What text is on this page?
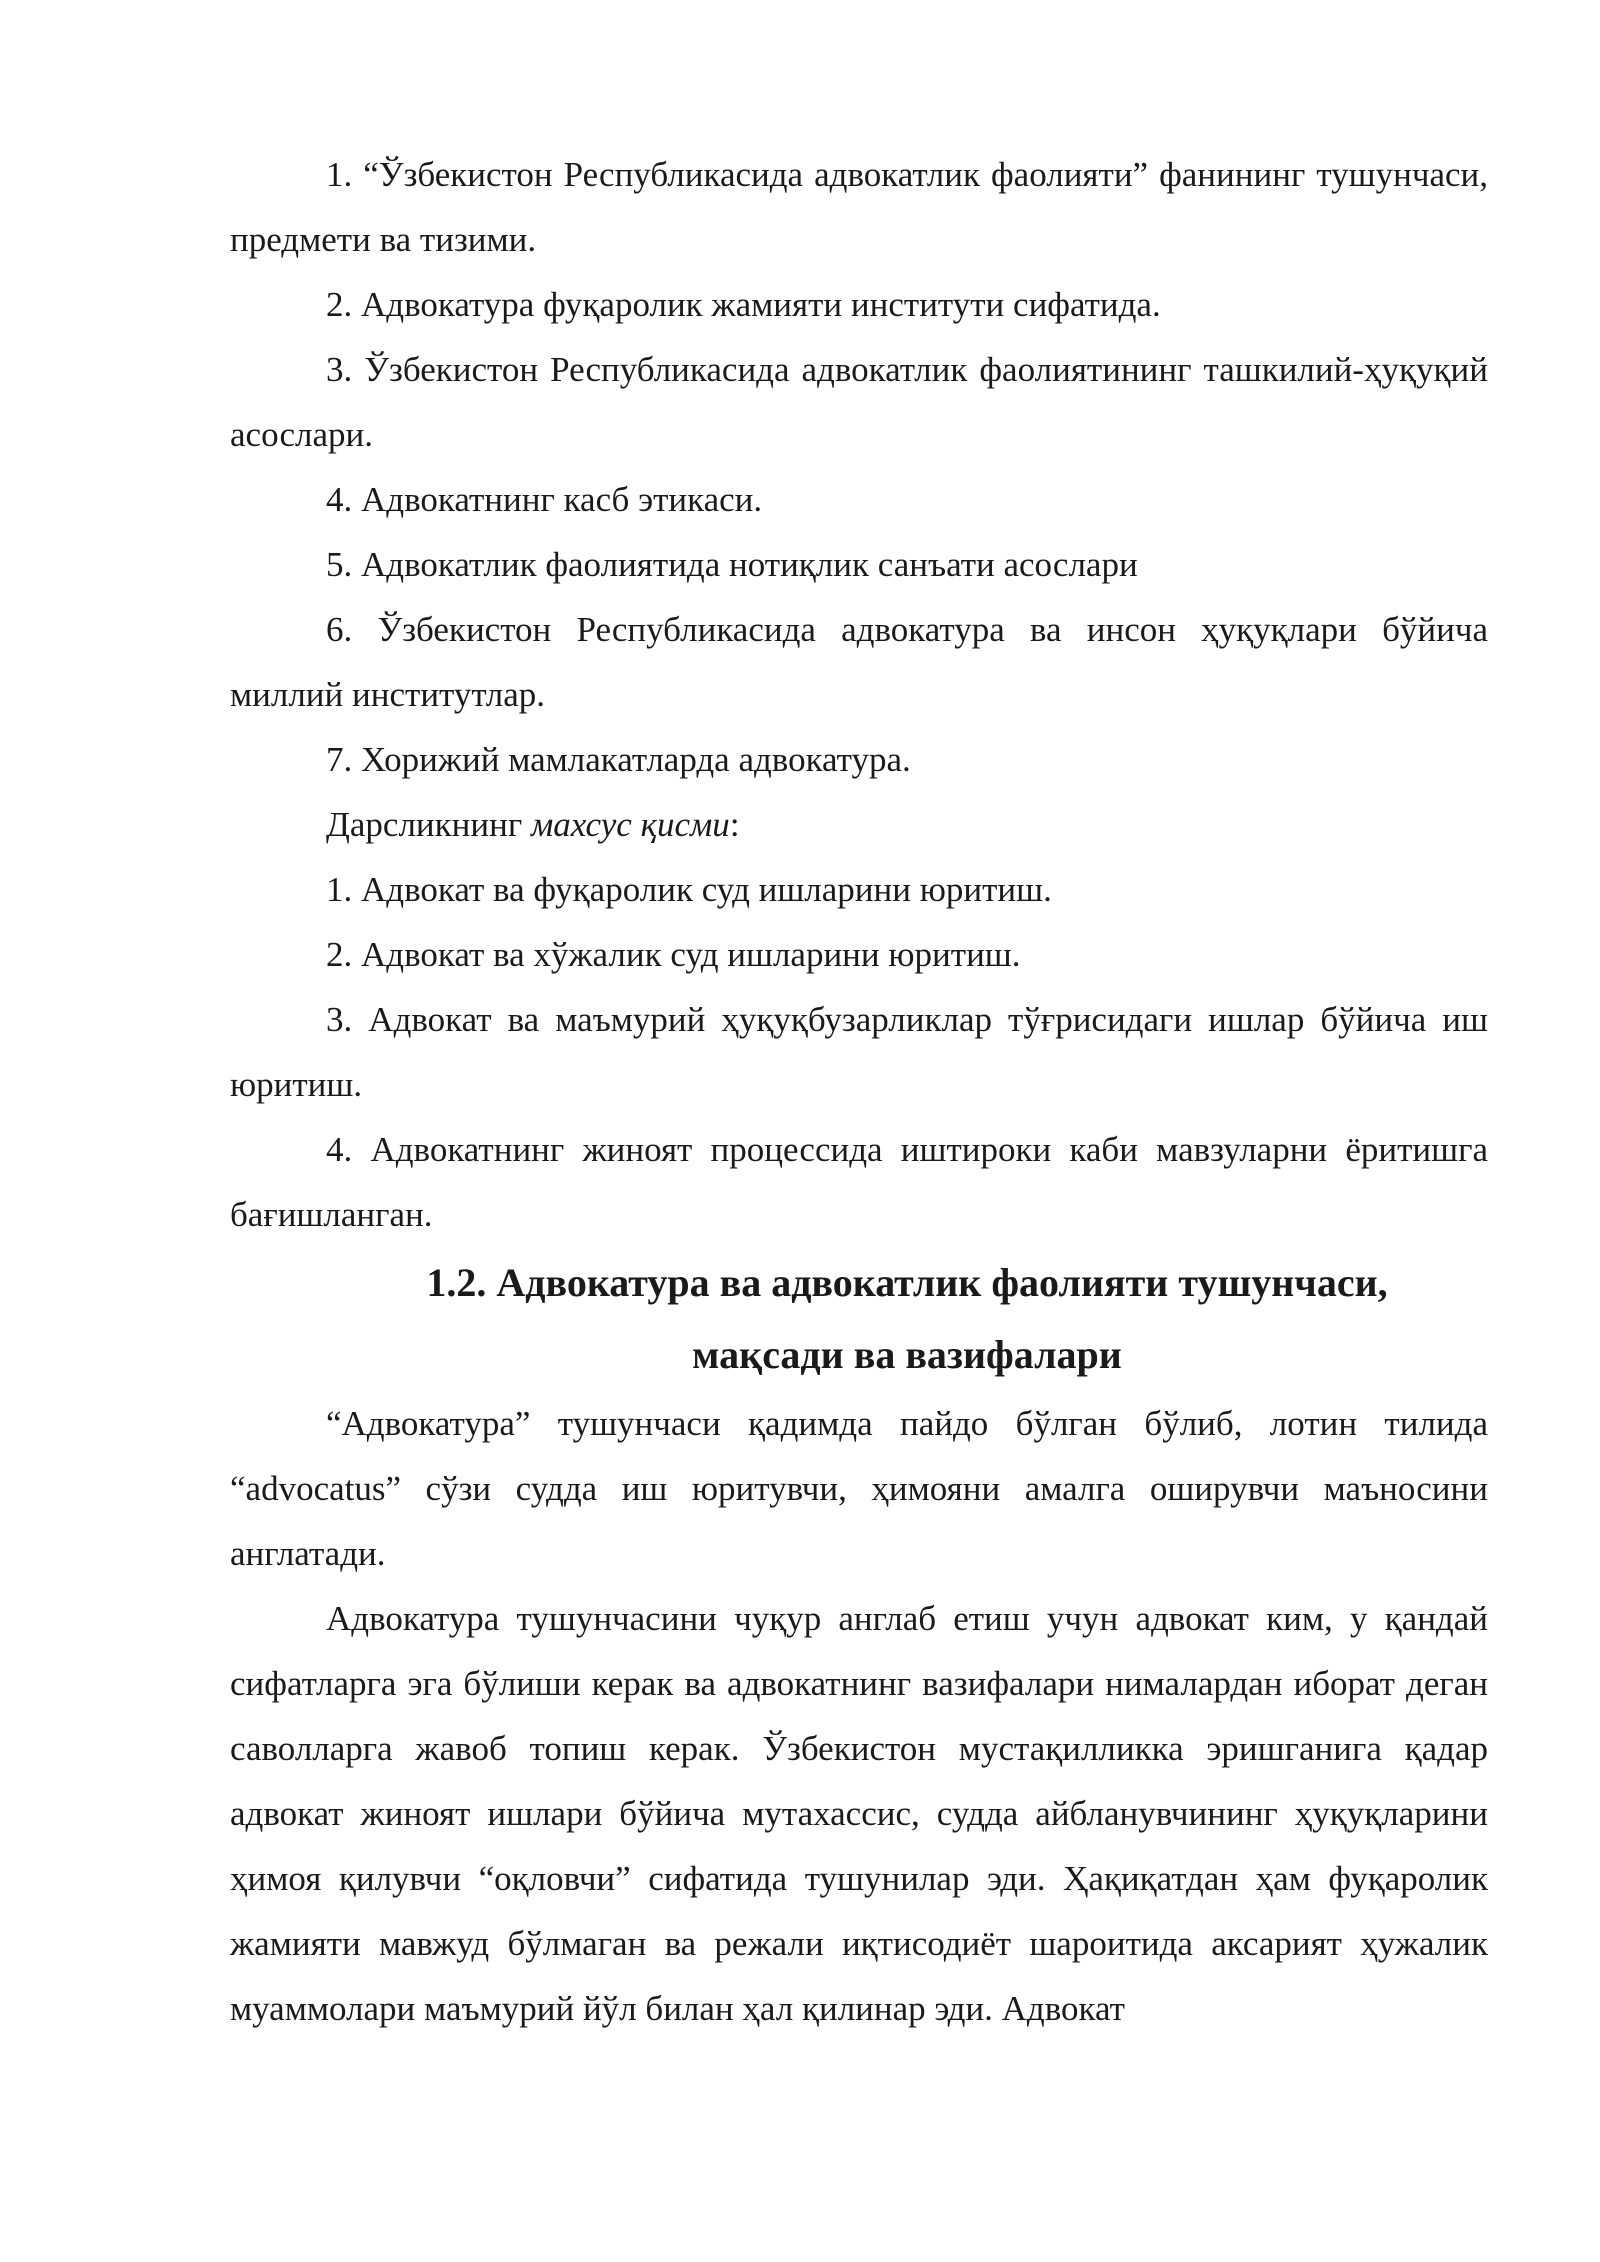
1. “Ўзбекистон Республикасида адвокатлик фаолияти” фанининг тушунчаси, предмети ва тизими.

2. Адвокатура фуқаролик жамияти институти сифатида.

3. Ўзбекистон Республикасида адвокатлик фаолиятининг ташкилий-ҳуқуқий асослари.

4. Адвокатнинг касб этикаси.

5. Адвокатлик фаолиятида нотиқлик санъати асослари

6. Ўзбекистон Республикасида адвокатура ва инсон ҳуқуқлари бўйича миллий институтлар.

7. Хорижий мамлакатларда адвокатура.

Дарсликнинг махсус қисми:

1. Адвокат ва фуқаролик суд ишларини юритиш.

2. Адвокат ва хўжалик суд ишларини юритиш.

3. Адвокат ва маъмурий ҳуқуқбузарликлар тўғрисидаги ишлар бўйича иш юритиш.

4. Адвокатнинг жиноят процессида иштироки каби мавзуларни ёритишга бағишланган.

1.2. Адвокатура ва адвокатлик фаолияти тушунчаси,

мақсади ва вазифалари

“Адвокатура” тушунчаси қадимда пайдо бўлган бўлиб, лотин тилида “advocatus” сўзи судда иш юритувчи, ҳимояни амалга оширувчи маъносини англатади.

Адвокатура тушунчасини чуқур англаб етиш учун адвокат ким, у қандай сифатларга эга бўлиши керак ва адвокатнинг вазифалари нималардан иборат деган саволларга жавоб топиш керак. Ўзбекистон мустақилликка эришганига қадар адвокат жиноят ишлари бўйича мутахассис, судда айбланувчининг ҳуқуқларини ҳимоя қилувчи “оқловчи” сифатида тушунилар эди. Ҳақиқатдан ҳам фуқаролик жамияти мавжуд бўлмаган ва режали иқтисодиёт шароитида аксарият ҳужалик муаммолари маъмурий йўл билан ҳал қилинар эди. Адвокат
